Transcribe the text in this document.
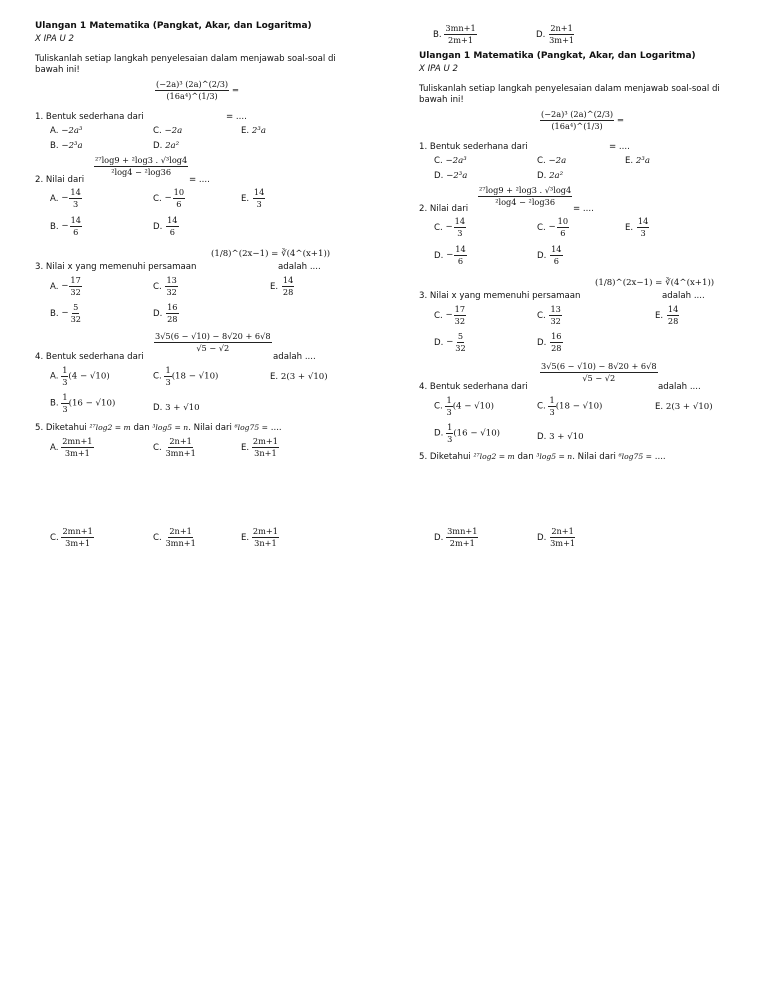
Ulangan 1 Matematika (Pangkat, Akar, dan Logaritma)
X IPA U 2
Tuliskanlah setiap langkah penyelesaian dalam menjawab soal-soal di bawah ini!
$\frac{\text{(−2a)³ (2a)\textasciicircum{}(2/3)}}{\text{(16a⁴)\textasciicircum{}(1/3)}}$ =
1. Bentuk sederhana dari	= ....
A. −2a³	C. −2a	E. 2³a
B. −2³a	D. 2a²
$\frac{\text{²⁷log9 + ²log3 . √³log4}}{\text{²log4 − ²log36}}$
2. Nilai dari	= ....
A. − $\frac{14}{3}$	C. − $\frac{10}{6}$	E. $\frac{14}{3}$
B. − $\frac{14}{6}$	D. $\frac{14}{6}$
3. Nilai x yang memenuhi persamaan
(1/8)^(2x−1) = ∛(4^(x+1))
adalah ....
A. − $\frac{17}{32}$	C. $\frac{13}{32}$	E. $\frac{14}{28}$
B. − $\frac{5}{32}$	D. $\frac{16}{28}$
$\frac{3√5(6 - √10) - 8√20 + 6√8}{√5 - √2}$
4. Bentuk sederhana dari	adalah ....
A. $\frac{1}{3} (4 - √10)$	C. $\frac{1}{3} (18 - √10)$	E. 2(3 + √10)
B. $\frac{1}{3} (16 - √10)$	D. 3 + √10
5. Diketahui ²⁷log2 = m dan ³log5 = n. Nilai dari ⁶log75 = ....
A. $\frac{2mn+1}{3m+1}$	C. $\frac{2n+1}{3mn+1}$	E. $\frac{2m+1}{3n+1}$
C. $\frac{2mn+1}{3m+1}$	C. $\frac{2n+1}{3mn+1}$	E. $\frac{2m+1}{3n+1}$
B. $\frac{3mn+1}{2m+1}$	D. $\frac{2n+1}{3m+1}$
Ulangan 1 Matematika (Pangkat, Akar, dan Logaritma)
X IPA U 2
Tuliskanlah setiap langkah penyelesaian dalam menjawab soal-soal di bawah ini!
$\frac{\text{(−2a)³ (2a)\textasciicircum{}(2/3)}}{\text{(16a⁴)\textasciicircum{}(1/3)}}$ =
1. Bentuk sederhana dari	= ....
C. −2a³	C. −2a	E. 2³a
D. −2³a	D. 2a²
$\frac{\text{²⁷log9 + ²log3 . √³log4}}{\text{²log4 − ²log36}}$
2. Nilai dari	= ....
C. − $\frac{14}{3}$	C. − $\frac{10}{6}$	E. $\frac{14}{3}$
D. − $\frac{14}{6}$	D. $\frac{14}{6}$
3. Nilai x yang memenuhi persamaan
(1/8)^(2x−1) = ∛(4^(x+1))
adalah ....
C. − $\frac{17}{32}$	C. $\frac{13}{32}$	E. $\frac{14}{28}$
D. − $\frac{5}{32}$	D. $\frac{16}{28}$
$\frac{3√5(6 - √10) - 8√20 + 6√8}{√5 - √2}$
4. Bentuk sederhana dari	adalah ....
C. $\frac{1}{3} (4 - √10)$	C. $\frac{1}{3} (18 - √10)$	E. 2(3 + √10)
D. $\frac{1}{3} (16 - √10)$	D. 3 + √10
5. Diketahui ²⁷log2 = m dan ³log5 = n. Nilai dari ⁶log75 = ....
D. $\frac{3mn+1}{2m+1}$	D. $\frac{2n+1}{3m+1}$
